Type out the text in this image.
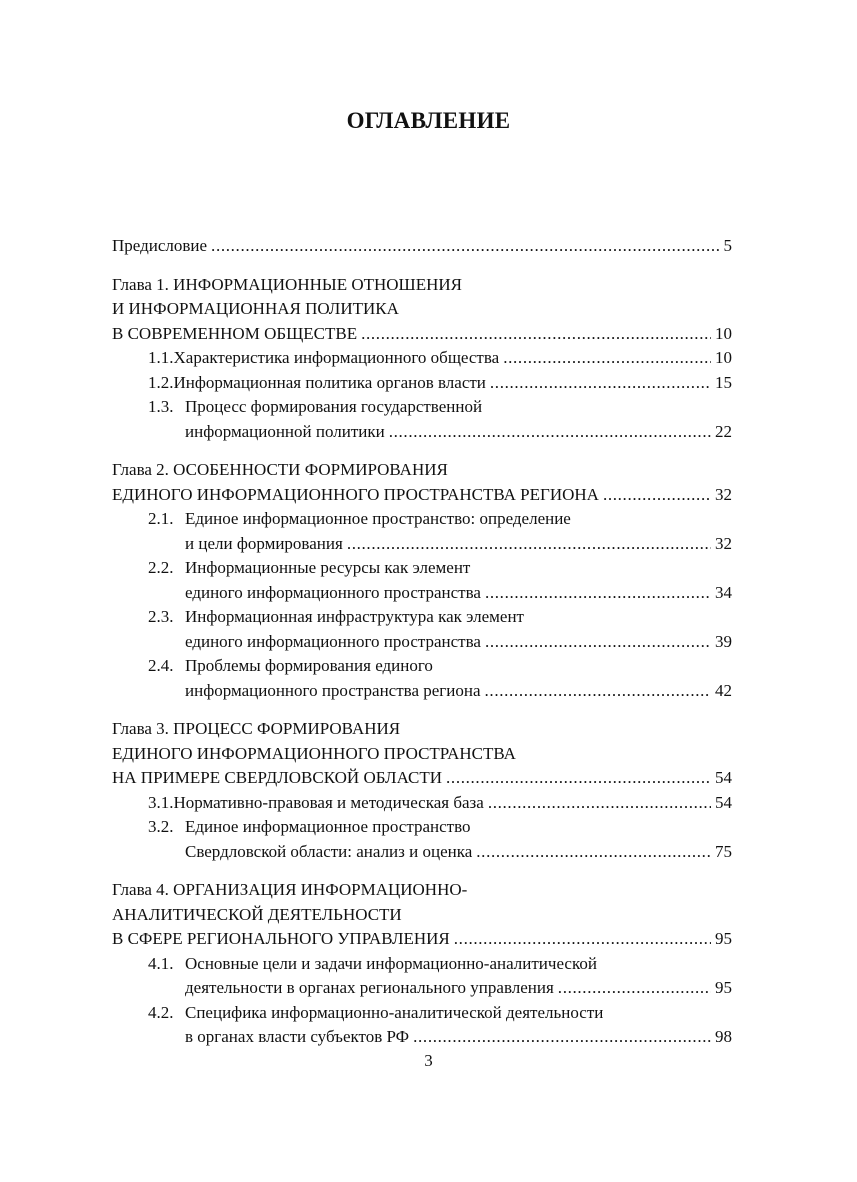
ОГЛАВЛЕНИЕ
Предисловие . . .	5
Глава 1. ИНФОРМАЦИОННЫЕ ОТНОШЕНИЯ
И ИНФОРМАЦИОННАЯ ПОЛИТИКА
В СОВРЕМЕННОМ ОБЩЕСТВЕ . . .	10
1.1. Характеристика информационного общества . . .	10
1.2. Информационная политика органов власти . . .	15
1.3. Процесс формирования государственной
информационной политики . . .	22
Глава 2. ОСОБЕННОСТИ ФОРМИРОВАНИЯ
ЕДИНОГО ИНФОРМАЦИОННОГО ПРОСТРАНСТВА РЕГИОНА . . .	32
2.1. Единое информационное пространство: определение
и цели формирования . . .	32
2.2. Информационные ресурсы как элемент
единого информационного пространства . . .	34
2.3. Информационная инфраструктура как элемент
единого информационного пространства . . .	39
2.4. Проблемы формирования единого
информационного пространства региона . . .	42
Глава 3. ПРОЦЕСС ФОРМИРОВАНИЯ
ЕДИНОГО ИНФОРМАЦИОННОГО ПРОСТРАНСТВА
НА ПРИМЕРЕ СВЕРДЛОВСКОЙ ОБЛАСТИ . . .	54
3.1. Нормативно-правовая и методическая база . . .	54
3.2. Единое информационное пространство
Свердловской области: анализ и оценка . . .	75
Глава 4. ОРГАНИЗАЦИЯ ИНФОРМАЦИОННО-
АНАЛИТИЧЕСКОЙ ДЕЯТЕЛЬНОСТИ
В СФЕРЕ РЕГИОНАЛЬНОГО УПРАВЛЕНИЯ . . .	95
4.1. Основные цели и задачи информационно-аналитической
деятельности в органах регионального управления . . .	95
4.2. Специфика информационно-аналитической деятельности
в органах власти субъектов РФ . . .	98
3
